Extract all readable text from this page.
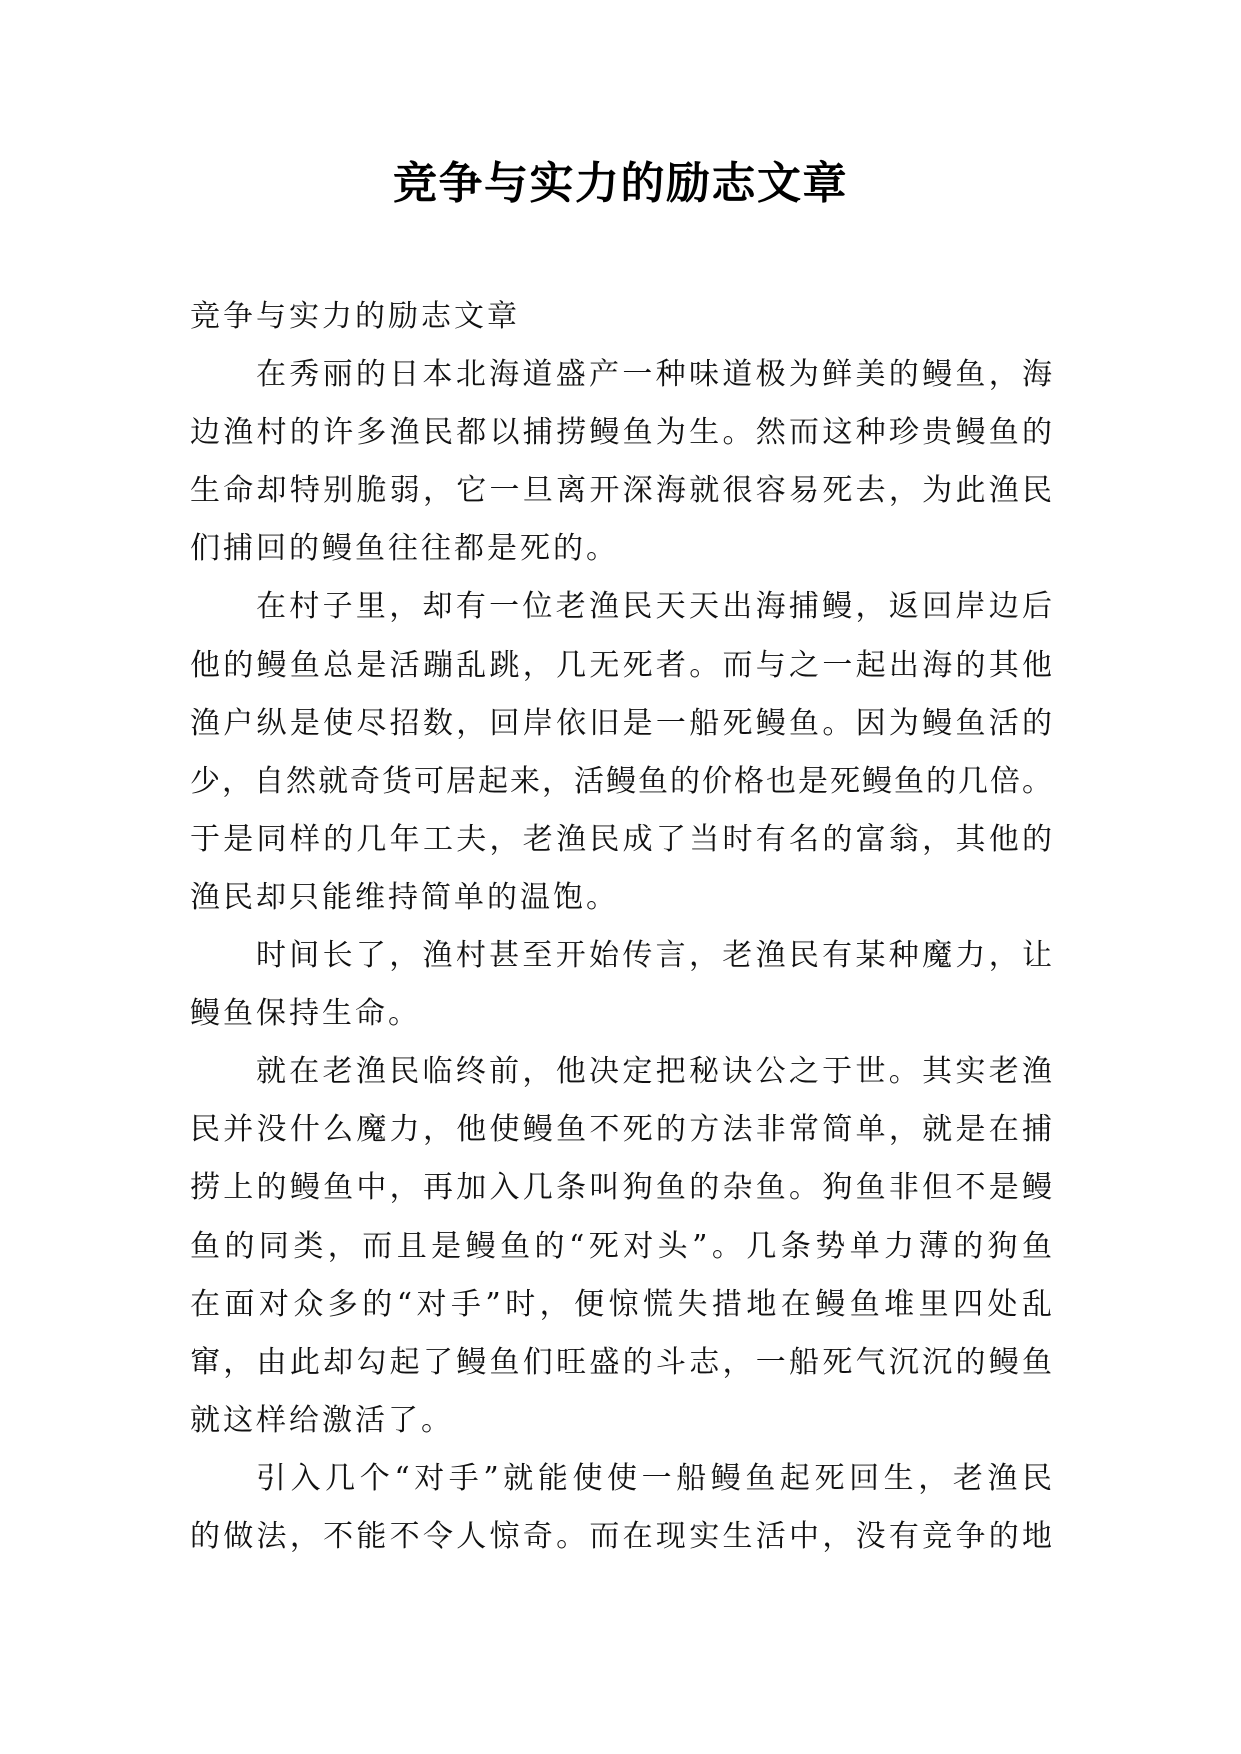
竞争与实力的励志文章
竞争与实力的励志文章
在秀丽的日本北海道盛产一种味道极为鲜美的鳗鱼，海
边渔村的许多渔民都以捕捞鳗鱼为生。然而这种珍贵鳗鱼的
生命却特别脆弱，它一旦离开深海就很容易死去，为此渔民
们捕回的鳗鱼往往都是死的。
在村子里，却有一位老渔民天天出海捕鳗，返回岸边后
他的鳗鱼总是活蹦乱跳，几无死者。而与之一起出海的其他
渔户纵是使尽招数，回岸依旧是一船死鳗鱼。因为鳗鱼活的
少，自然就奇货可居起来，活鳗鱼的价格也是死鳗鱼的几倍。
于是同样的几年工夫，老渔民成了当时有名的富翁，其他的
渔民却只能维持简单的温饱。
时间长了，渔村甚至开始传言，老渔民有某种魔力，让
鳗鱼保持生命。
就在老渔民临终前，他决定把秘诀公之于世。其实老渔
民并没什么魔力，他使鳗鱼不死的方法非常简单，就是在捕
捞上的鳗鱼中，再加入几条叫狗鱼的杂鱼。狗鱼非但不是鳗
鱼的同类，而且是鳗鱼的“死对头”。几条势单力薄的狗鱼
在面对众多的“对手”时，便惊慌失措地在鳗鱼堆里四处乱
窜，由此却勾起了鳗鱼们旺盛的斗志，一船死气沉沉的鳗鱼
就这样给激活了。
引入几个“对手”就能使使一船鳗鱼起死回生，老渔民
的做法，不能不令人惊奇。而在现实生活中，没有竞争的地
